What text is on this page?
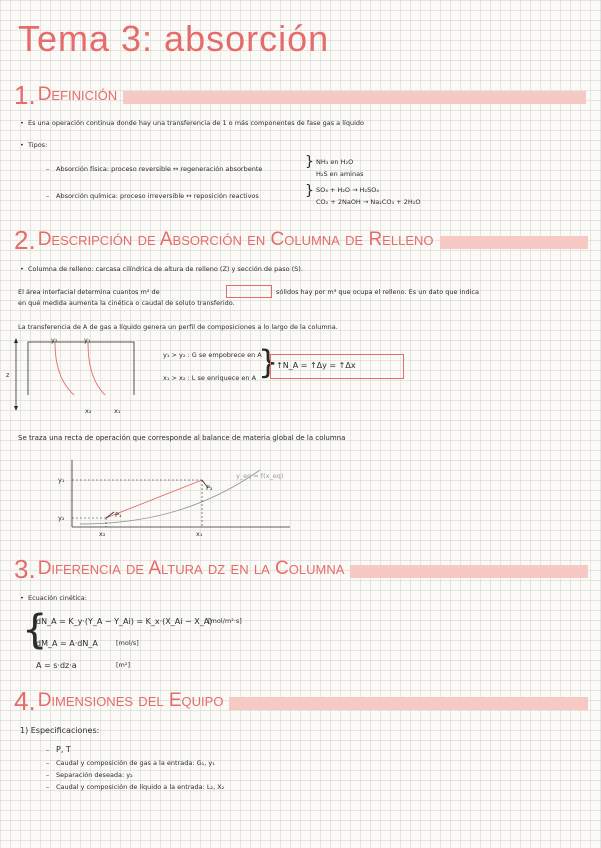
Tema 3: absorción
1. Definición
• Es una operación continua donde hay una transferencia de 1 o más componentes de fase gas a líquido
• Tipos:
– Absorción física: proceso reversible ↔ regeneración absorbente	} NH₃ en H₂O
H₂S en aminas
– Absorción química: proceso irreversible ↔ reposición reactivos	} SO₃ + H₂O → H₂SO₄
CO₂ + 2NaOH → Na₂CO₃ + 2H₂O
2. Descripción de Absorción en Columna de Relleno
• Columna de relleno: carcasa cilíndrica de altura de relleno (Z) y sección de paso (S).
El área interfacial determina cuantos m² de	sólidos hay por m³ que ocupa el relleno. Es un dato que indica
en qué medida aumenta la cinética o caudal de soluto transferido.
La transferencia de A de gas a líquido genera un perfil de composiciones a lo largo de la columna.
y₂	y₁
z
x₂	x₁
y₁ > y₂ : G se empobrece en A
x₁ > x₂ : L se enriquece en A }
↑N_A = ↑Δy = ↑Δx
Se traza una recta de operación que corresponde al balance de materia global de la columna
y₁
y₂
x₂	x₁
y_eq = f(x_eq)
P₁
P₂
3. Diferencia de Altura dz en la Columna
• Ecuación cinética:
{
dN_A = K_y·(Y_A − Y_Ai) = K_x·(X_Ai − X_A)
[mol/m²·s]
dM_A = A·dN_A	[mol/s]
A = s·dz·a	[m²]
4. Dimensiones del Equipo
1) Especificaciones:
– P, T
– Caudal y composición de gas a la entrada: G₁, y₁
– Separación deseada: y₂
– Caudal y composición de líquido a la entrada: L₂, X₂
